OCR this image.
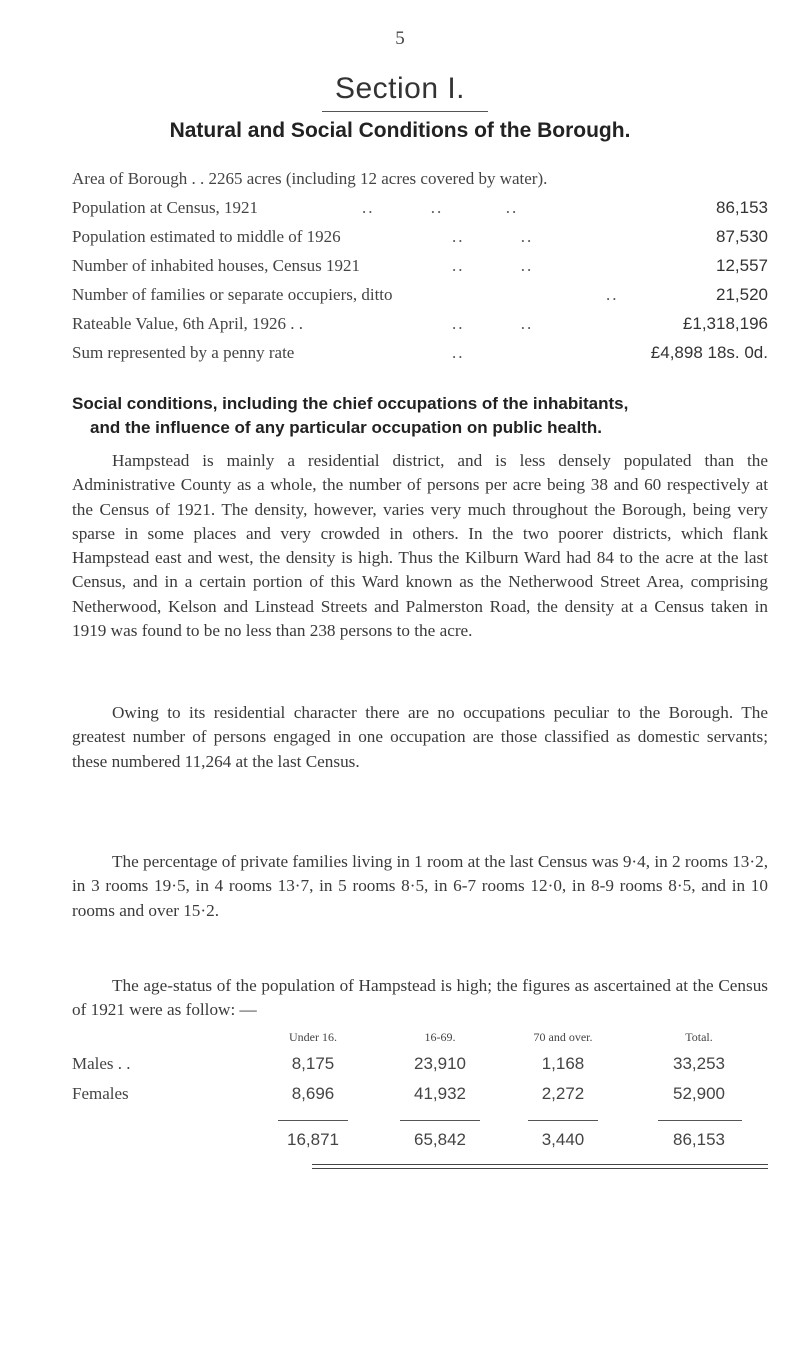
5
Section I.
Natural and Social Conditions of the Borough.
Area of Borough . . 2265 acres (including 12 acres covered by water).
Population at Census, 1921	..         ..          ..	86,153
Population estimated to middle of 1926	..         ..	87,530
Number of inhabited houses, Census 1921	..         ..	12,557
Number of families or separate occupiers, ditto	..	21,520
Rateable Value, 6th April, 1926 . .	..         ..	£1,318,196
Sum represented by a penny rate	..	£4,898 18s. 0d.
Social conditions, including the chief occupations of the inhabitants,
and the influence of any particular occupation on public health.
Hampstead is mainly a residential district, and is less densely populated than the Administrative County as a whole, the number of persons per acre being 38 and 60 respectively at the Census of 1921. The density, however, varies very much throughout the Borough, being very sparse in some places and very crowded in others. In the two poorer districts, which flank Hampstead east and west, the density is high. Thus the Kilburn Ward had 84 to the acre at the last Census, and in a certain portion of this Ward known as the Netherwood Street Area, comprising Netherwood, Kelson and Linstead Streets and Palmerston Road, the density at a Census taken in 1919 was found to be no less than 238 persons to the acre.
Owing to its residential character there are no occupations peculiar to the Borough. The greatest number of persons engaged in one occupation are those classified as domestic servants; these numbered 11,264 at the last Census.
The percentage of private families living in 1 room at the last Census was 9·4, in 2 rooms 13·2, in 3 rooms 19·5, in 4 rooms 13·7, in 5 rooms 8·5, in 6-7 rooms 12·0, in 8-9 rooms 8·5, and in 10 rooms and over 15·2.
The age-status of the population of Hampstead is high; the figures as ascertained at the Census of 1921 were as follow: —
Under 16.	16-69.	70 and over.	Total.
Males . .	8,175	23,910	1,168	33,253
Females	8,696	41,932	2,272	52,900
16,871	65,842	3,440	86,153
